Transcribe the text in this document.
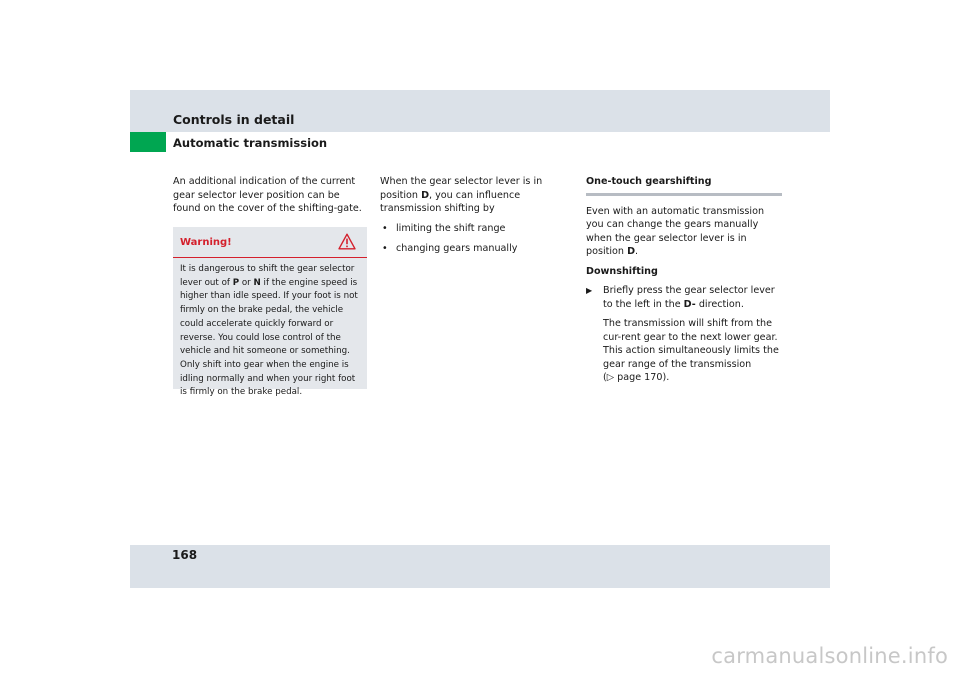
Controls in detail
Automatic transmission

An additional indication of the current gear selector lever position can be found on the cover of the shifting-gate.

Warning!
It is dangerous to shift the gear selector lever out of P or N if the engine speed is higher than idle speed. If your foot is not firmly on the brake pedal, the vehicle could accelerate quickly forward or reverse. You could lose control of the vehicle and hit someone or something. Only shift into gear when the engine is idling normally and when your right foot is firmly on the brake pedal.

When the gear selector lever is in position D, you can influence transmission shifting by

• limiting the shift range
• changing gears manually
One-touch gearshifting

Even with an automatic transmission you can change the gears manually when the gear selector lever is in position D.

Downshifting

▶ Briefly press the gear selector lever to the left in the D- direction.

The transmission will shift from the cur-rent gear to the next lower gear. This action simultaneously limits the gear range of the transmission
(▷ page 170).

168
carmanualsonline.info
